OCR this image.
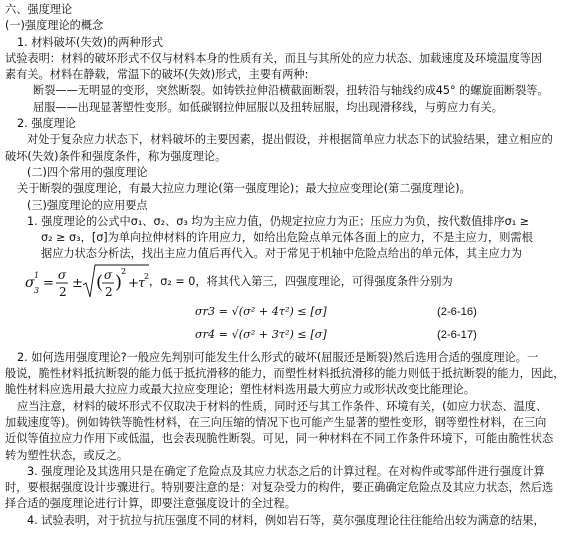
六、强度理论
(一)强度理论的概念
1. 材料破坏(失效)的两种形式
试验表明：材料的破坏形式不仅与材料本身的性质有关，而且与其所处的应力状态、加载速度及环境温度等因
素有关。材料在静载，常温下的破坏(失效)形式，主要有两种:
断裂——无明显的变形，突然断裂。如铸铁拉伸沿横截面断裂，扭转沿与轴线约成45° 的螺旋面断裂等。
屈服——出现显著塑性变形。如低碳钢拉伸屈服以及扭转屈服，均出现滑移线，与剪应力有关。
2. 强度理论
对处于复杂应力状态下，材料破坏的主要因素，提出假设，并根据简单应力状态下的试验结果，建立相应的
破坏(失效)条件和强度条件，称为强度理论。
(二)四个常用的强度理论
关于断裂的强度理论，有最大拉应力理论(第一强度理论)；最大拉应变理论(第二强度理论)。
(三)强度理论的应用要点
1. 强度理论的公式中σ₁、σ₂、σ₃ 均为主应力值，仍规定拉应力为正；压应力为负，按代数值排序σ₁ ≥
σ₂ ≥ σ₃，[σ]为单向拉伸材料的许用应力，如给出危险点单元体各面上的应力，不是主应力，则需根
据应力状态分析法，找出主应力值后再代入。对于常见于机轴中危险点给出的单元体，其主应力为
σ 1
3 =
σ
2
± ( σ
2 )
2
+ τ
2 ，σ₂ = 0，将其代入第三，四强度理论，可得强度条件分别为
σr3 = √(σ² + 4τ²) ≤ [σ]	(2-6-16)
σr4 = √(σ² + 3τ²) ≤ [σ]	(2-6-17)
2. 如何选用强度理论?一般应先判别可能发生什么形式的破坏(屈服还是断裂)然后选用合适的强度理论。一
般说，脆性材料抵抗断裂的能力低于抵抗滑移的能力，而塑性材料抵抗滑移的能力则低于抵抗断裂的能力，因此，
脆性材料应选用最大拉应力或最大拉应变理论；塑性材料选用最大剪应力或形状改变比能理论。
应当注意，材料的破坏形式不仅取决于材料的性质，同时还与其工作条件、环境有关，(如应力状态、温度、
加载速度等)。例如铸铁等脆性材料，在三向压缩的情况下也可能产生显著的塑性变形，钢等塑性材料，在三向
近似等值拉应力作用下或低温，也会表现脆性断裂。可见，同一种材料在不同工作条件环境下，可能由脆性状态
转为塑性状态，或反之。
3. 强度理论及其选用只是在确定了危险点及其应力状态之后的计算过程。在对构件或零部件进行强度计算
时，要根据强度设计步骤进行。特别要注意的是：对复杂受力的构件，要正确确定危险点及其应力状态，然后选
择合适的强度理论进行计算，即要注意强度设计的全过程。
4. 试验表明，对于抗拉与抗压强度不同的材料，例如岩石等，莫尔强度理论往往能给出较为满意的结果，
